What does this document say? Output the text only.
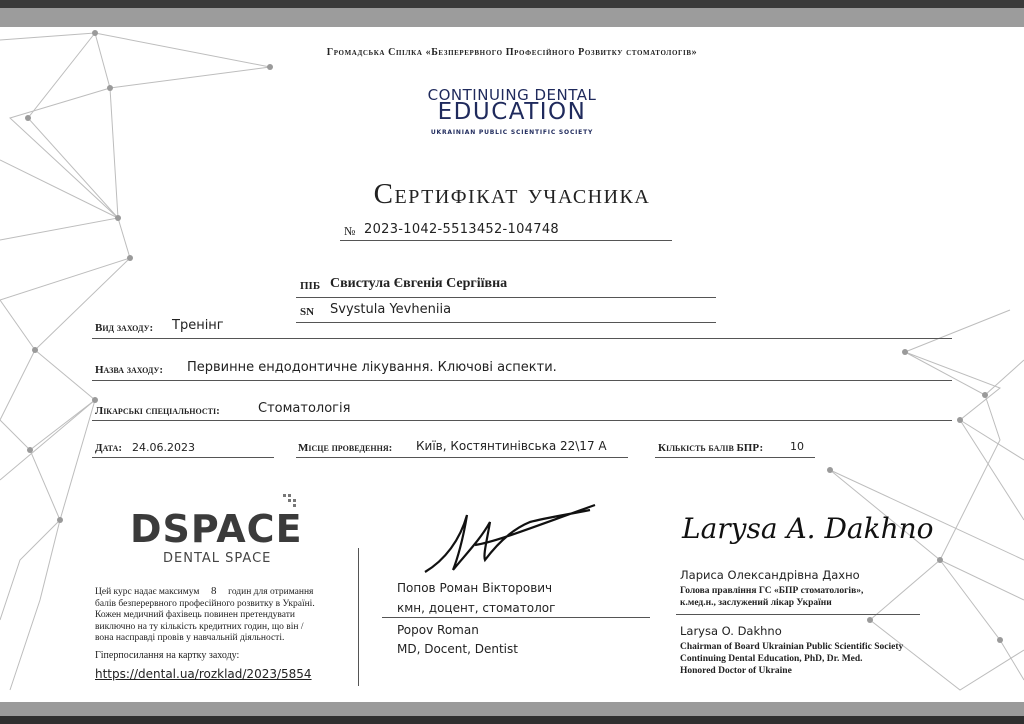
Громадська Спілка «Безперервного Професійного Розвитку стоматологів»
CONTINUING DENTAL
EDUCATION
UKRAINIAN PUBLIC SCIENTIFIC SOCIETY
Сертифікат учасника
№ 2023-1042-5513452-104748
ПІБ Свистула Євгенія Сергіївна
SN Svystula Yevheniia
Вид заходу: Тренінг
Назва заходу: Первинне ендодонтичне лікування. Ключові аспекти.
Лікарські спеціальності:	Стоматологія
Дата: 24.06.2023	Місце проведення: Київ, Костянтинівська 22\17 А	Кількість балів БПР: 10
DSPACE
DENTAL SPACE
Цей курс надає максимум 8 годин для отримання
балів безперервного професійного розвитку в Україні.
Кожен медичний фахівець повинен претендувати
виключно на ту кількість кредитних годин, що він /
вона насправді провів у навчальній діяльності.
Гіперпосилання на картку заходу:
https://dental.ua/rozklad/2023/5854
Попов Роман Вікторович
кмн, доцент, стоматолог
Popov Roman
MD, Docent, Dentist
Larysa A. Dakhno
Лариса Олександрівна Дахно
Голова правління ГС «БПР стоматологів»,
к.мед.н., заслужений лікар України
Larysa O. Dakhno
Chairman of Board Ukrainian Public Scientific Society
Continuing Dental Education, PhD, Dr. Med.
Honored Doctor of Ukraine
